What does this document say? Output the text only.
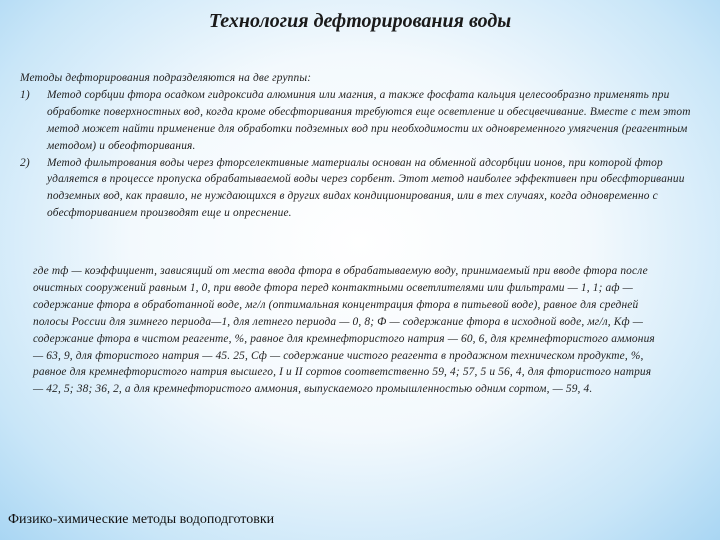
Технология дефторирования воды
Методы дефторирования подразделяются на две группы:
1) Метод сорбции фтора осадком гидроксида алюминия или магния, а также фосфата кальция целесообразно применять при обработке поверхностных вод, когда кроме обесфторивания требуются еще осветление и обесцвечивание. Вместе с тем этот метод может найти применение для обработки подземных вод при необходимости их одновременного умягчения (реагентным методом) и обеофторивания.
2) Метод фильтрования воды через фторселективные материалы основан на обменной адсорбции ионов, при которой фтор удаляется в процессе пропуска обрабатываемой воды через сорбент. Этот метод наиболее эффективен при обесфторивании подземных вод, как правило, не нуждающихся в других видах кондиционирования, или в тех случаях, когда одновременно с обесфториванием производят еще и опреснение.
где mф — коэффициент, зависящий от места ввода фтора в обрабатываемую воду, принимаемый при вводе фтора после очистных сооружений равным 1, 0, при вводе фтора перед контактными осветлителями или фильтрами — 1, 1; аф — содержание фтора в обработанной воде, мг/л (оптимальная концентрация фтора в питьевой воде), равное для средней полосы России для зимнего периода—1, для летнего периода — 0, 8; Ф — содержание фтора в исходной воде, мг/л, Кф — содержание фтора в чистом реагенте, %, равное для кремнефтористого натрия — 60, 6, для кремнефтористого аммония — 63, 9, для фтористого натрия — 45. 25, Сф — содержание чистого реагента в продажном техническом продукте, %, равное для кремнефтористого натрия высшего, I и II сортов соответственно 59, 4; 57, 5 и 56, 4, для фтористого натрия — 42, 5; 38; 36, 2, а для кремнефтористого аммония, выпускаемого промышленностью одним сортом, — 59, 4.
Физико-химические методы водоподготовки
